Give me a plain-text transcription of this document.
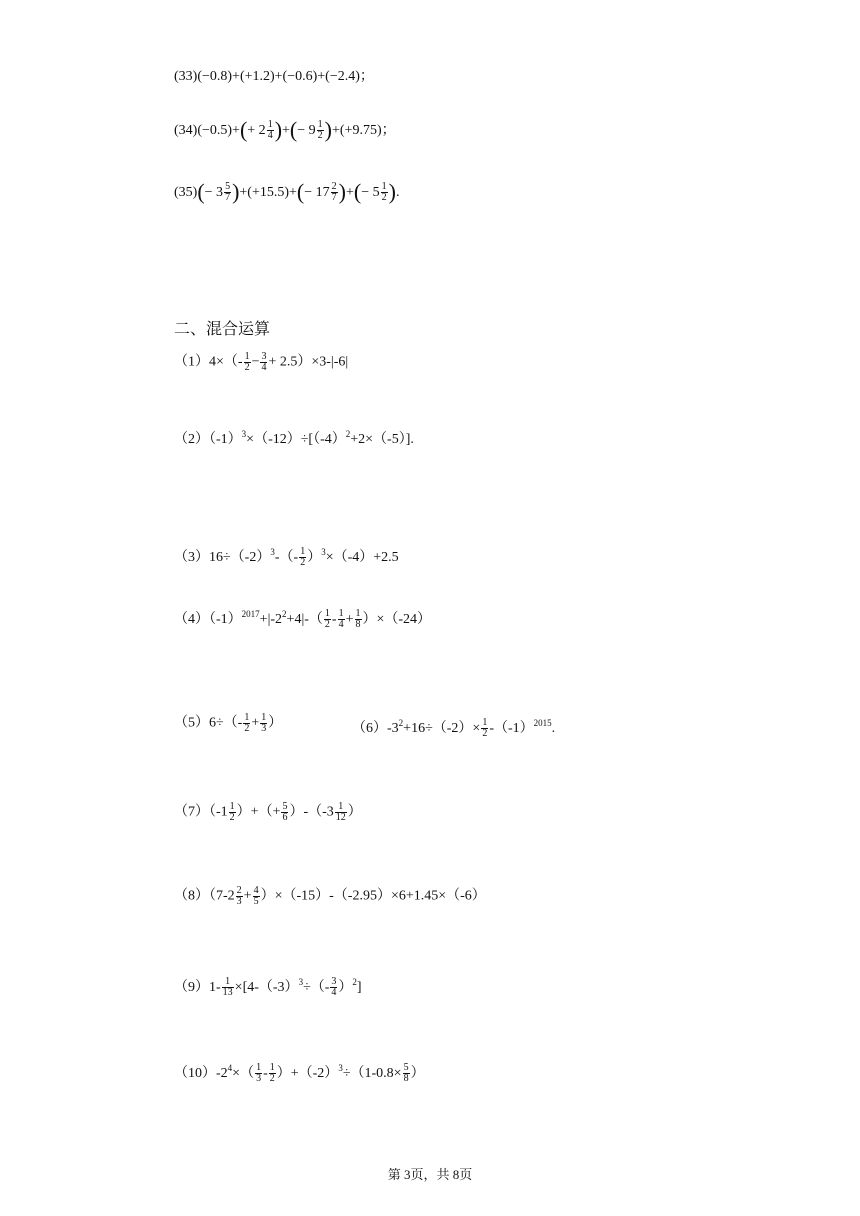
(33)(−0.8)+(+1.2)+(−0.6)+(−2.4)；
$(34)(-0.5)+(+ 2 \frac{1}{4}$ )+(− $9 \frac{1}{2} )+(+9.75)$；
$(35)(- 3 \frac{5}{7} )+(+15.5)+(- 17 \frac{2}{7}$ )+(− $5 \frac{1}{2}$ ).
二、混合运算
$(1)4\times(- \frac{1}{2} - \frac{3}{4} + 2.5)\times 3-|-6|$
$(2)(-1)^3\times(-12)\div[(-4)^2+2\times(-5)]$.
$(3)16\div(-2)^3-(- \frac{1}{2} )^3\times(-4)+2.5$
$(4)(-1)^{2017}+|-2^2+4|-( \frac{1}{2} - \frac{1}{4} + \frac{1}{8} )\times(-24)$
$(5)6\div(- \frac{1}{2} + \frac{1}{3}$ ）	$(6)-3^2+16\div(-2)\times \frac{1}{2} -(-1)^{2015}$.
$(7)(-1 \frac{1}{2}$ ）+（+ $\frac{5}{6} )-(-3 \frac{1}{12}$ ）
$(8)(7-2 \frac{2}{3} + \frac{4}{5} )\times(-15)-(-2.95)\times 6+1.45\times(-6)$
$(9)1- \frac{1}{13} \times[4-(-3)^3\div(- \frac{3}{4} )^2]$
$(10)-2^4\times( \frac{1}{3} - \frac{1}{2} )+(-2)^3\div(1-0.8\times \frac{5}{8}$ ）
第 3页，共 8页
